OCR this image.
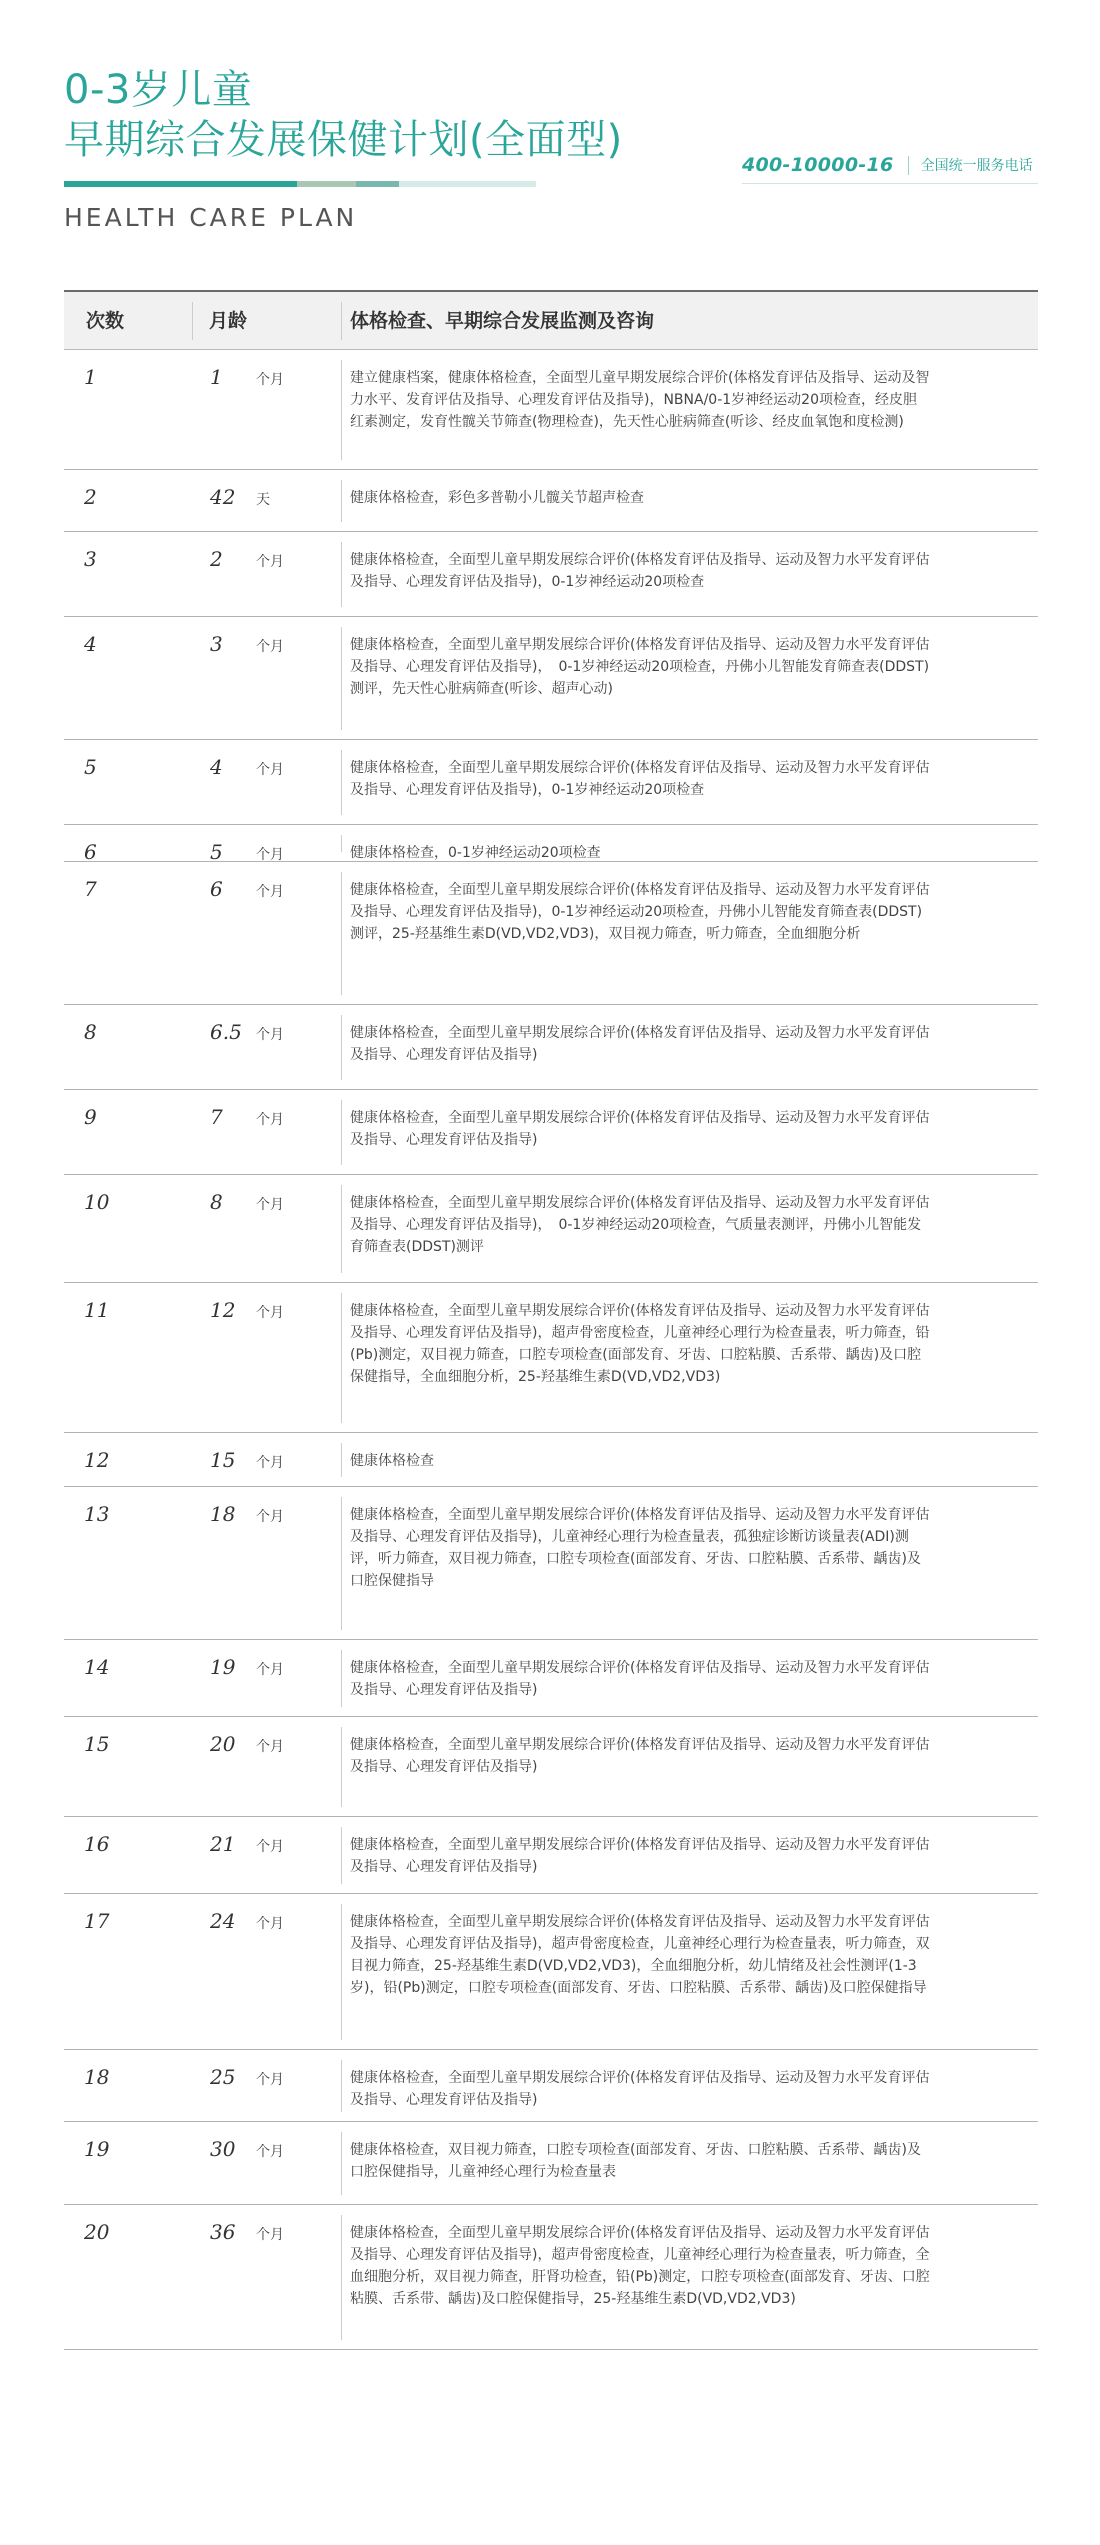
0-3岁儿童
早期综合发展保健计划(全面型)
400-10000-16 全国统一服务电话
HEALTH CARE PLAN
次数	月龄	体格检查、早期综合发展监测及咨询
1	1 个月	建立健康档案，健康体格检查，全面型儿童早期发展综合评价(体格发育评估及指导、运动及智力水平、发育评估及指导、心理发育评估及指导)，NBNA/0-1岁神经运动20项检查，经皮胆红素测定，发育性髋关节筛查(物理检查)，先天性心脏病筛查(听诊、经皮血氧饱和度检测)
2	42 天	健康体格检查，彩色多普勒小儿髋关节超声检查
3	2 个月	健康体格检查，全面型儿童早期发展综合评价(体格发育评估及指导、运动及智力水平发育评估及指导、心理发育评估及指导)，0-1岁神经运动20项检查
4	3 个月	健康体格检查，全面型儿童早期发展综合评价(体格发育评估及指导、运动及智力水平发育评估及指导、心理发育评估及指导)，　0-1岁神经运动20项检查，丹佛小儿智能发育筛查表(DDST)测评，先天性心脏病筛查(听诊、超声心动)
5	4 个月	健康体格检查，全面型儿童早期发展综合评价(体格发育评估及指导、运动及智力水平发育评估及指导、心理发育评估及指导)，0-1岁神经运动20项检查
6	5 个月	健康体格检查，0-1岁神经运动20项检查
7	6 个月	健康体格检查，全面型儿童早期发展综合评价(体格发育评估及指导、运动及智力水平发育评估及指导、心理发育评估及指导)，0-1岁神经运动20项检查，丹佛小儿智能发育筛查表(DDST)测评，25-羟基维生素D(VD,VD2,VD3)，双目视力筛查，听力筛查，全血细胞分析
8	6.5 个月	健康体格检查，全面型儿童早期发展综合评价(体格发育评估及指导、运动及智力水平发育评估及指导、心理发育评估及指导)
9	7 个月	健康体格检查，全面型儿童早期发展综合评价(体格发育评估及指导、运动及智力水平发育评估及指导、心理发育评估及指导)
10	8 个月	健康体格检查，全面型儿童早期发展综合评价(体格发育评估及指导、运动及智力水平发育评估及指导、心理发育评估及指导)，　0-1岁神经运动20项检查，气质量表测评，丹佛小儿智能发育筛查表(DDST)测评
11	12 个月	健康体格检查，全面型儿童早期发展综合评价(体格发育评估及指导、运动及智力水平发育评估及指导、心理发育评估及指导)，超声骨密度检查，儿童神经心理行为检查量表，听力筛查，铅(Pb)测定，双目视力筛查，口腔专项检查(面部发育、牙齿、口腔粘膜、舌系带、龋齿)及口腔保健指导，全血细胞分析，25-羟基维生素D(VD,VD2,VD3)
12	15 个月	健康体格检查
13	18 个月	健康体格检查，全面型儿童早期发展综合评价(体格发育评估及指导、运动及智力水平发育评估及指导、心理发育评估及指导)，儿童神经心理行为检查量表，孤独症诊断访谈量表(ADI)测评，听力筛查，双目视力筛查，口腔专项检查(面部发育、牙齿、口腔粘膜、舌系带、龋齿)及口腔保健指导
14	19 个月	健康体格检查，全面型儿童早期发展综合评价(体格发育评估及指导、运动及智力水平发育评估及指导、心理发育评估及指导)
15	20 个月	健康体格检查，全面型儿童早期发展综合评价(体格发育评估及指导、运动及智力水平发育评估及指导、心理发育评估及指导)
16	21 个月	健康体格检查，全面型儿童早期发展综合评价(体格发育评估及指导、运动及智力水平发育评估及指导、心理发育评估及指导)
17	24 个月	健康体格检查，全面型儿童早期发展综合评价(体格发育评估及指导、运动及智力水平发育评估及指导、心理发育评估及指导)，超声骨密度检查，儿童神经心理行为检查量表，听力筛查，双目视力筛查，25-羟基维生素D(VD,VD2,VD3)，全血细胞分析，幼儿情绪及社会性测评(1-3岁)，铅(Pb)测定，口腔专项检查(面部发育、牙齿、口腔粘膜、舌系带、龋齿)及口腔保健指导
18	25 个月	健康体格检查，全面型儿童早期发展综合评价(体格发育评估及指导、运动及智力水平发育评估及指导、心理发育评估及指导)
19	30 个月	健康体格检查，双目视力筛查，口腔专项检查(面部发育、牙齿、口腔粘膜、舌系带、龋齿)及口腔保健指导，儿童神经心理行为检查量表
20	36 个月	健康体格检查，全面型儿童早期发展综合评价(体格发育评估及指导、运动及智力水平发育评估及指导、心理发育评估及指导)，超声骨密度检查，儿童神经心理行为检查量表，听力筛查，全血细胞分析，双目视力筛查，肝肾功检查，铅(Pb)测定，口腔专项检查(面部发育、牙齿、口腔粘膜、舌系带、龋齿)及口腔保健指导，25-羟基维生素D(VD,VD2,VD3)
